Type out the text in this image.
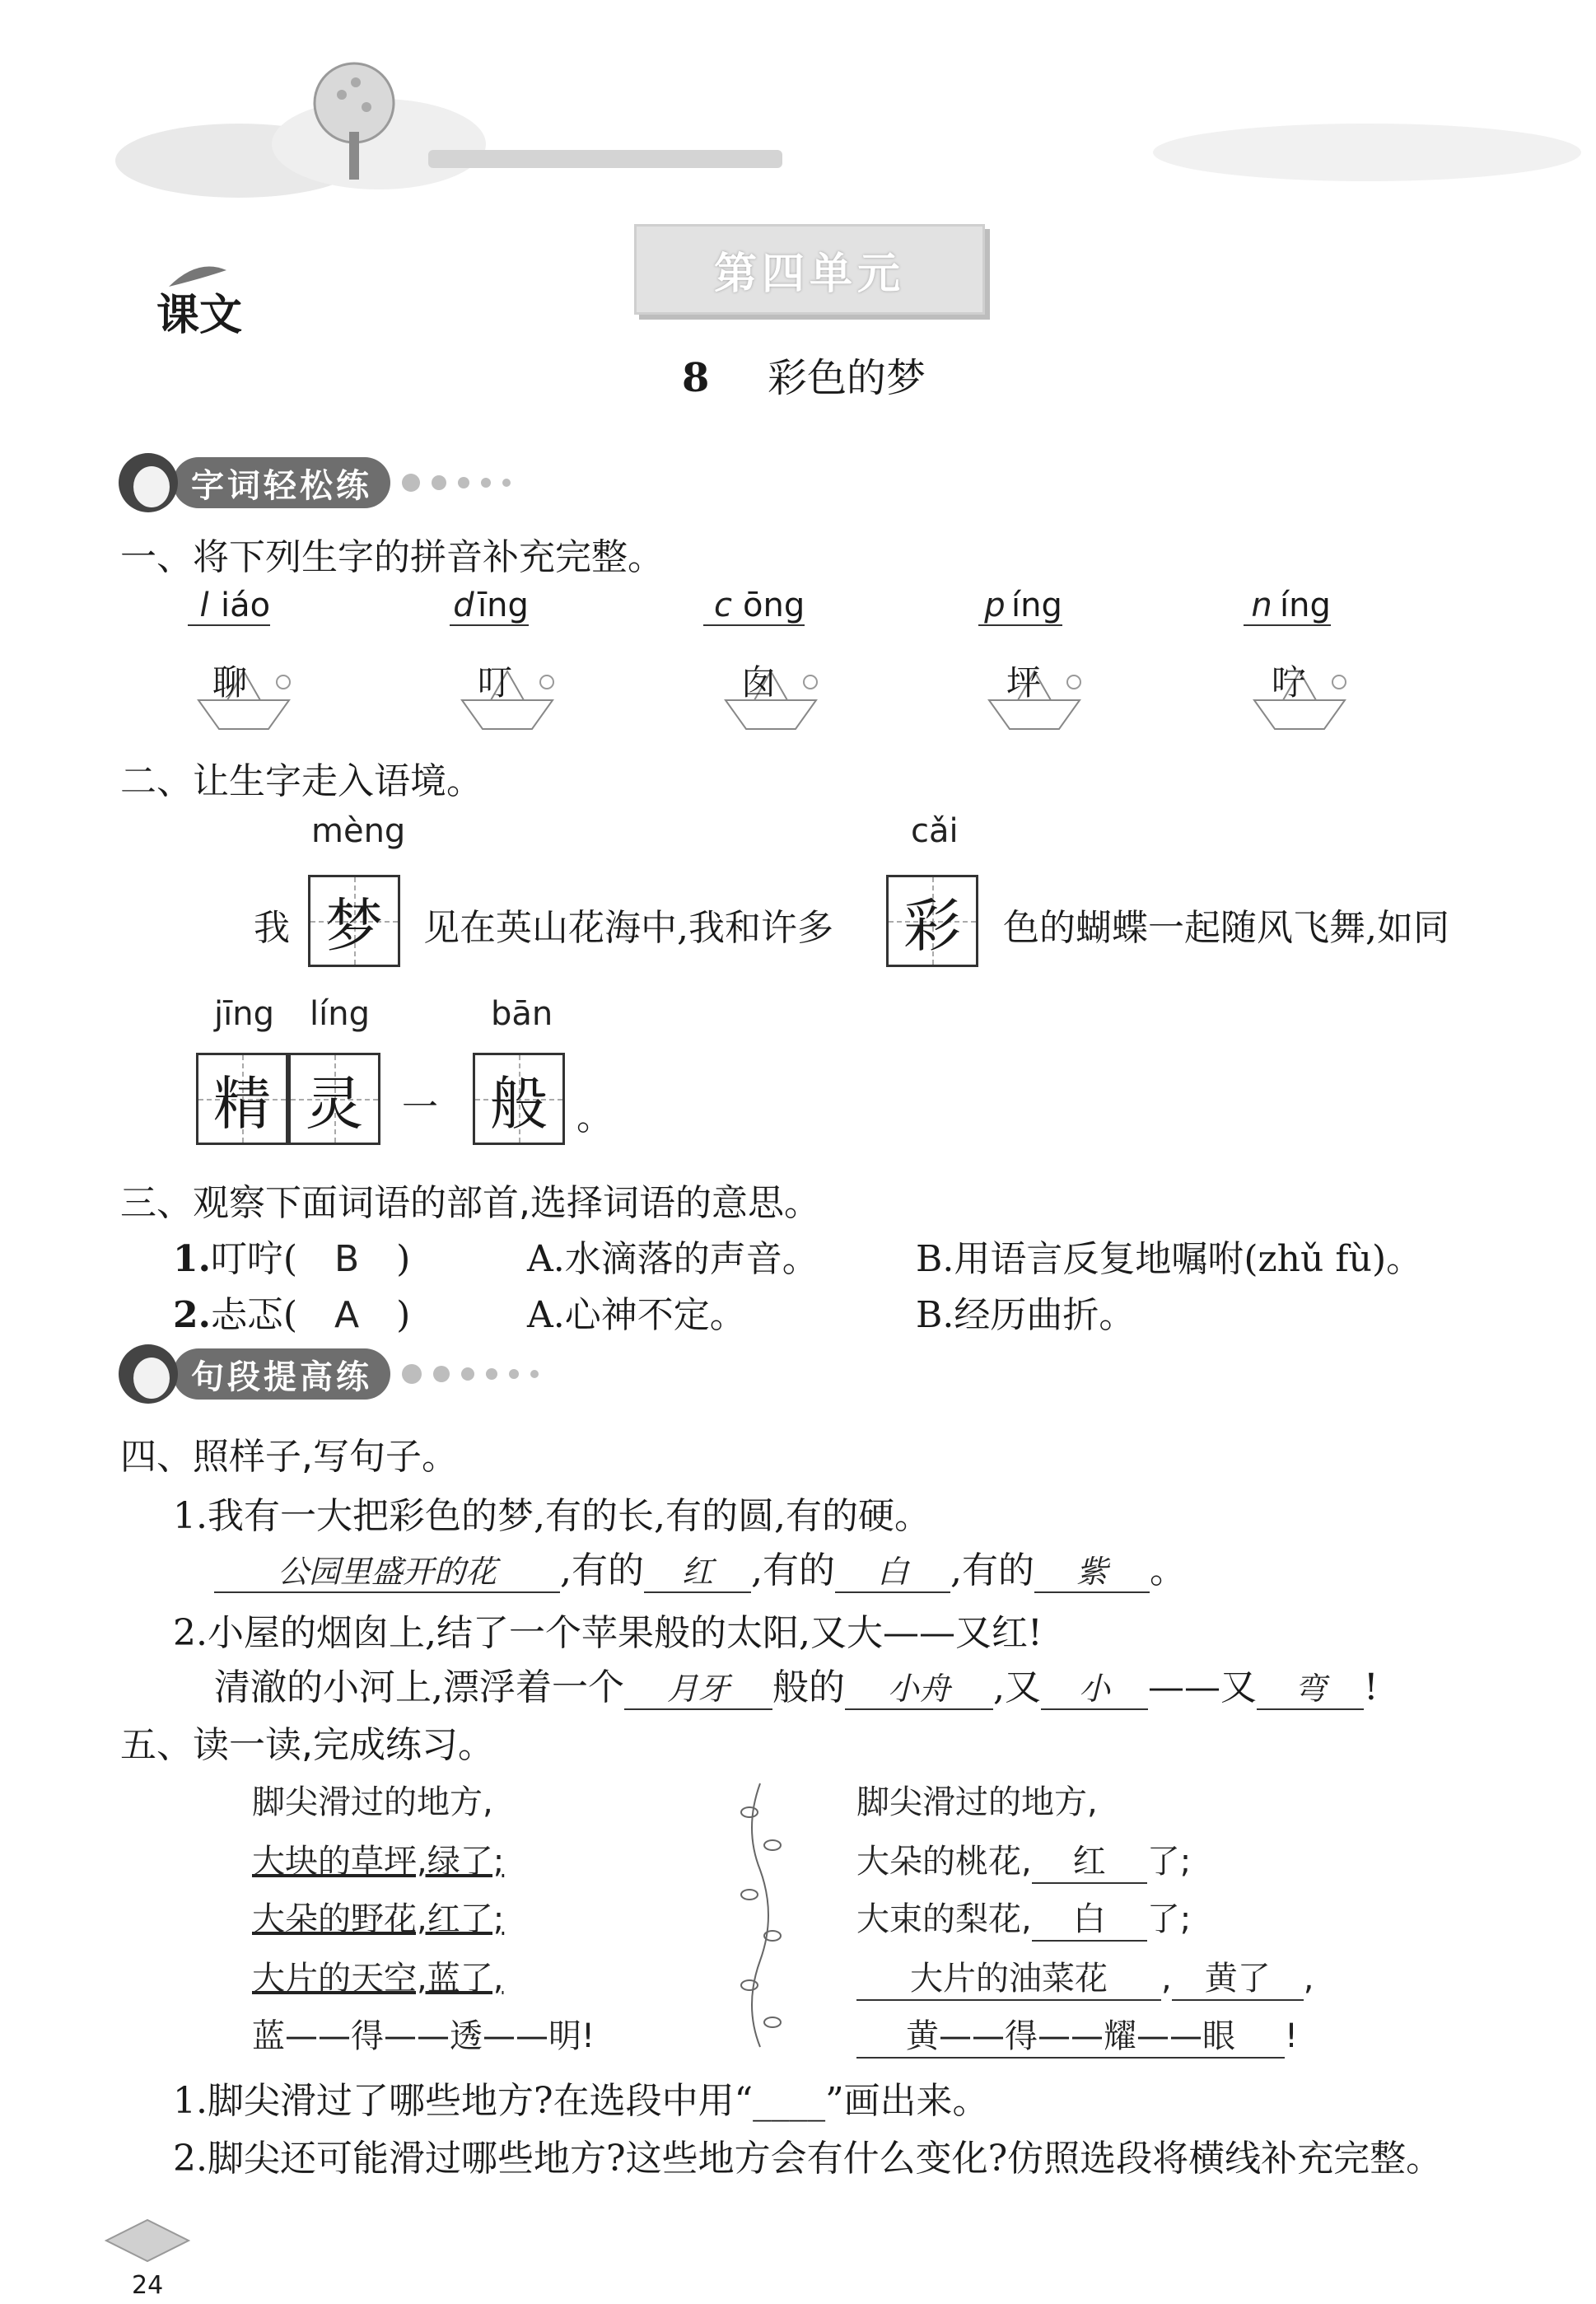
第四单元
课文
8 彩色的梦
字词轻松练
一、将下列生字的拼音补充完整。
l iáo	d īng	c ōng	p íng	n íng
聊	叮	囱	坪	咛
二、让生字走入语境。
mèng	cǎi
我 梦	见在英山花海中,我和许多 彩	色的蝴蝶一起随风飞舞,如同
jīng líng	bān
精 灵	一 般 。
三、观察下面词语的部首,选择词语的意思。
1.叮咛( B )	A.水滴落的声音。	B.用语言反复地嘱咐(zhǔ fù)。
2.忐忑( A )	A.心神不定。	B.经历曲折。
句段提高练
四、照样子,写句子。
1.我有一大把彩色的梦,有的长,有的圆,有的硬。
公园里盛开的花 ,有的 红 ,有的 白 ,有的 紫 。
2.小屋的烟囱上,结了一个苹果般的太阳,又大——又红!
清澈的小河上,漂浮着一个 月牙 般的 小舟 ,又 小 ——又 弯 !
五、读一读,完成练习。
脚尖滑过的地方,
大块的草坪,绿了;
大朵的野花,红了;
大片的天空,蓝了,
蓝——得——透——明!
脚尖滑过的地方,
大朵的桃花, 红 了;
大束的梨花, 白 了;
大片的油菜花 , 黄了 ,
黄——得——耀——眼 !
1.脚尖滑过了哪些地方?在选段中用“____”画出来。
2.脚尖还可能滑过哪些地方?这些地方会有什么变化?仿照选段将横线补充完整。
24
